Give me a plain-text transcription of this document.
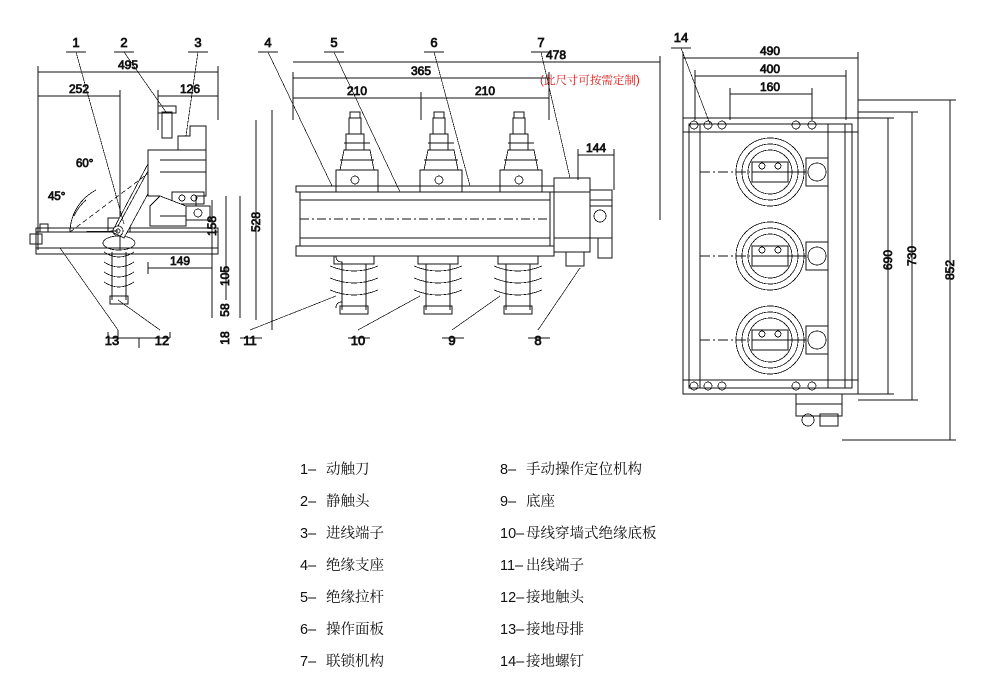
495
252	126
60°
45°
149
105
58
18
158	528
365
210	210
478
144
490
400
160
690 730
852
1	2	3	4	5	6	7	14
13	12	11	10	9	8
(此尺寸可按需定制)
1– 动触刀	8– 手动操作定位机构
2– 静触头	9– 底座
3– 进线端子	10– 母线穿墙式绝缘底板
4– 绝缘支座	11– 出线端子
5– 绝缘拉杆	12– 接地触头
6– 操作面板	13– 接地母排
7– 联锁机构	14– 接地螺钉
